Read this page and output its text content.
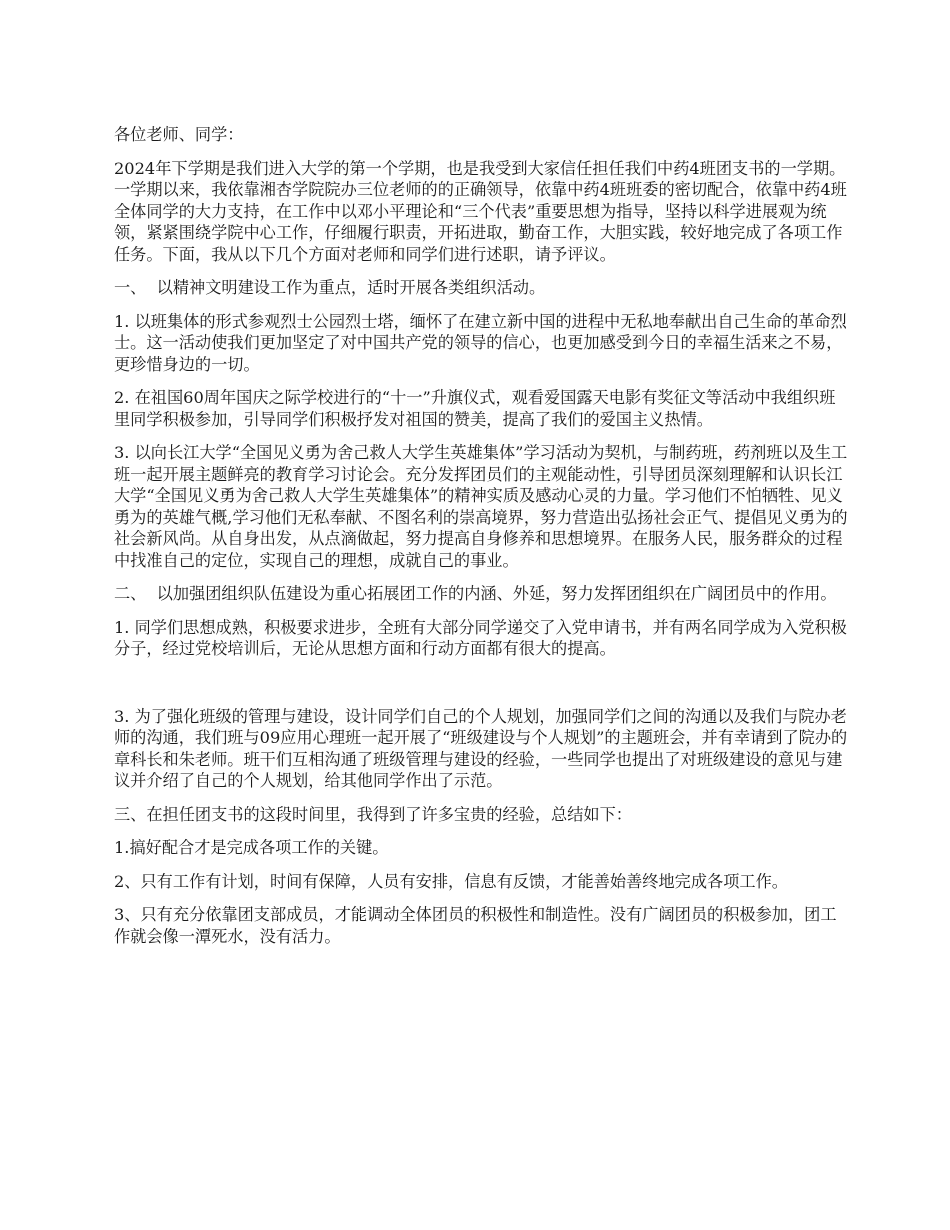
各位老师、同学：

2024年下学期是我们进入大学的第一个学期，也是我受到大家信任担任我们中药4班团支书的一学期。一学期以来，我依靠湘杏学院院办三位老师的的正确领导，依靠中药4班班委的密切配合，依靠中药4班全体同学的大力支持，在工作中以邓小平理论和“三个代表”重要思想为指导，坚持以科学进展观为统领，紧紧围绕学院中心工作，仔细履行职责，开拓进取，勤奋工作，大胆实践，较好地完成了各项工作任务。下面，我从以下几个方面对老师和同学们进行述职，请予评议。

一、  以精神文明建设工作为重点，适时开展各类组织活动。

1. 以班集体的形式参观烈士公园烈士塔，缅怀了在建立新中国的进程中无私地奉献出自己生命的革命烈士。这一活动使我们更加坚定了对中国共产党的领导的信心，也更加感受到今日的幸福生活来之不易，更珍惜身边的一切。

2. 在祖国60周年国庆之际学校进行的“十一”升旗仪式，观看爱国露天电影有奖征文等活动中我组织班里同学积极参加，引导同学们积极抒发对祖国的赞美，提高了我们的爱国主义热情。

3. 以向长江大学“全国见义勇为舍己救人大学生英雄集体”学习活动为契机，与制药班，药剂班以及生工班一起开展主题鲜亮的教育学习讨论会。充分发挥团员们的主观能动性，引导团员深刻理解和认识长江大学“全国见义勇为舍己救人大学生英雄集体”的精神实质及感动心灵的力量。学习他们不怕牺牲、见义勇为的英雄气概,学习他们无私奉献、不图名利的崇高境界，努力营造出弘扬社会正气、提倡见义勇为的社会新风尚。从自身出发，从点滴做起，努力提高自身修养和思想境界。在服务人民，服务群众的过程中找准自己的定位，实现自己的理想，成就自己的事业。

二、  以加强团组织队伍建设为重心拓展团工作的内涵、外延，努力发挥团组织在广阔团员中的作用。

1. 同学们思想成熟，积极要求进步，全班有大部分同学递交了入党申请书，并有两名同学成为入党积极分子，经过党校培训后，无论从思想方面和行动方面都有很大的提高。

3. 为了强化班级的管理与建设，设计同学们自己的个人规划，加强同学们之间的沟通以及我们与院办老师的沟通，我们班与09应用心理班一起开展了“班级建设与个人规划”的主题班会，并有幸请到了院办的章科长和朱老师。班干们互相沟通了班级管理与建设的经验，一些同学也提出了对班级建设的意见与建议并介绍了自己的个人规划，给其他同学作出了示范。

三、在担任团支书的这段时间里，我得到了许多宝贵的经验，总结如下：

1.搞好配合才是完成各项工作的关键。

2、只有工作有计划，时间有保障，人员有安排，信息有反馈，才能善始善终地完成各项工作。

3、只有充分依靠团支部成员，才能调动全体团员的积极性和制造性。没有广阔团员的积极参加，团工作就会像一潭死水，没有活力。
